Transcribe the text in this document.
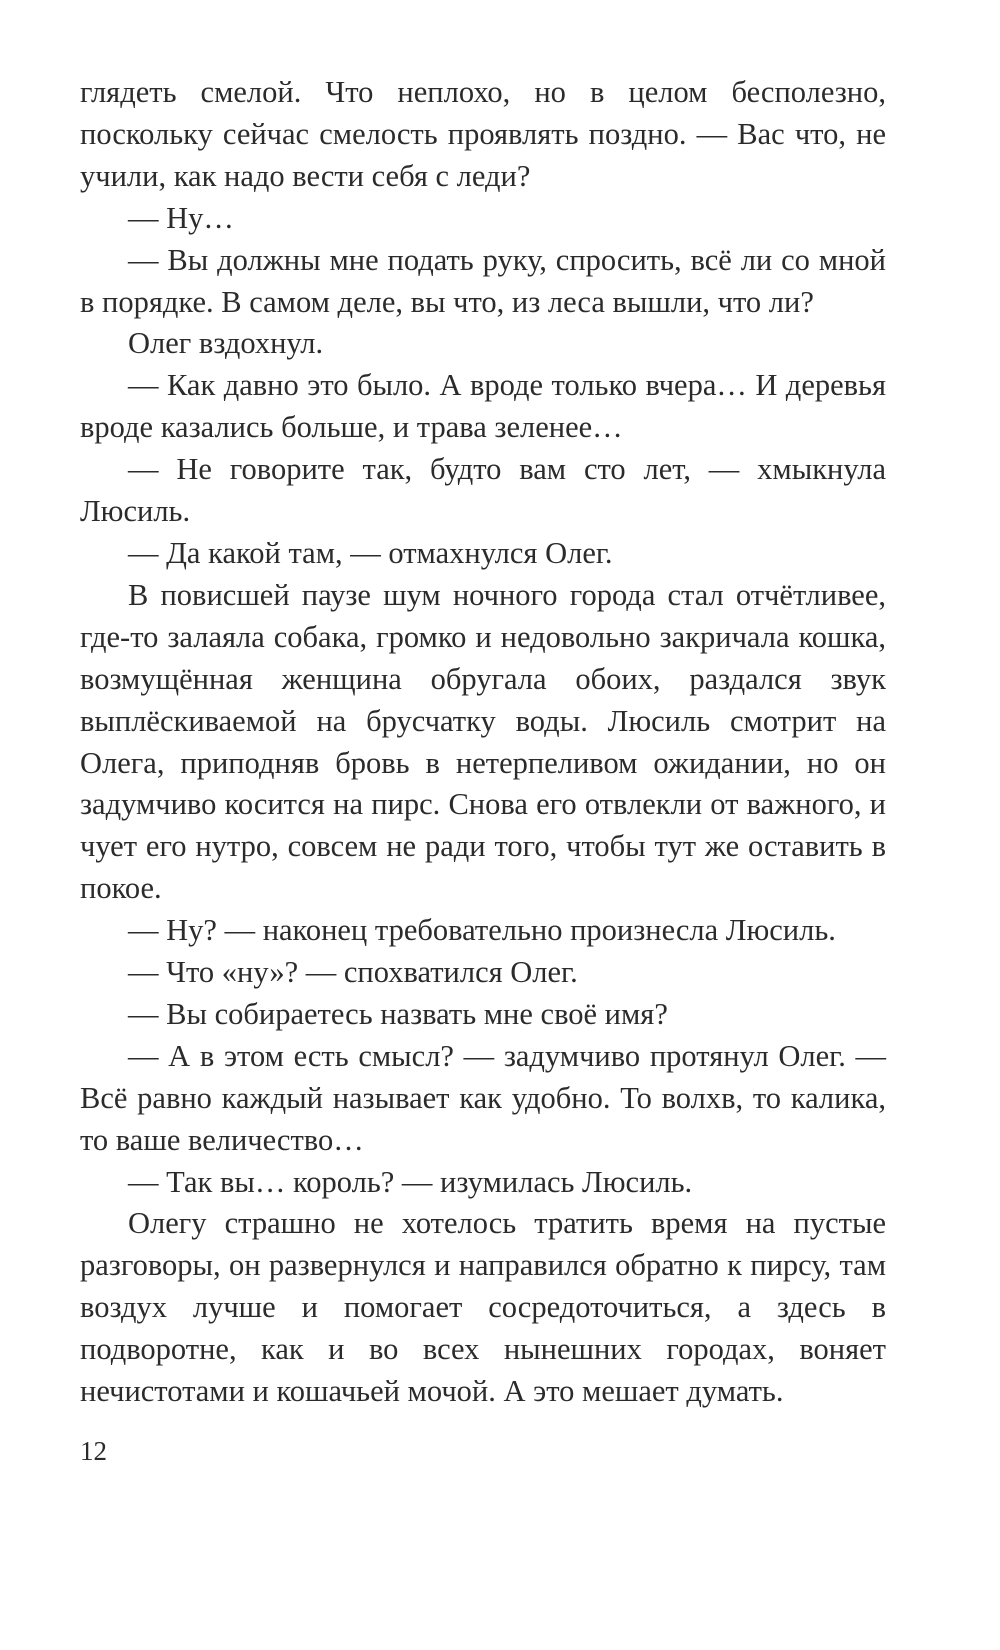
глядеть смелой. Что неплохо, но в целом бесполезно, поскольку сейчас смелость проявлять поздно. — Вас что, не учили, как надо вести себя с леди?

— Ну…

— Вы должны мне подать руку, спросить, всё ли со мной в порядке. В самом деле, вы что, из леса вышли, что ли?

Олег вздохнул.

— Как давно это было. А вроде только вчера… И деревья вроде казались больше, и трава зеленее…

— Не говорите так, будто вам сто лет, — хмыкнула Люсиль.

— Да какой там, — отмахнулся Олег.

В повисшей паузе шум ночного города стал отчётливее, где-то залаяла собака, громко и недовольно закричала кошка, возмущённая женщина обругала обоих, раздался звук выплёскиваемой на брусчатку воды. Люсиль смотрит на Олега, приподняв бровь в нетерпеливом ожидании, но он задумчиво косится на пирс. Снова его отвлекли от важного, и чует его нутро, совсем не ради того, чтобы тут же оставить в покое.

— Ну? — наконец требовательно произнесла Люсиль.

— Что «ну»? — спохватился Олег.

— Вы собираетесь назвать мне своё имя?

— А в этом есть смысл? — задумчиво протянул Олег. — Всё равно каждый называет как удобно. То волхв, то калика, то ваше величество…

— Так вы… король? — изумилась Люсиль.

Олегу страшно не хотелось тратить время на пустые разговоры, он развернулся и направился обратно к пирсу, там воздух лучше и помогает сосредоточиться, а здесь в подворотне, как и во всех нынешних городах, воняет нечистотами и кошачьей мочой. А это мешает думать.

12
